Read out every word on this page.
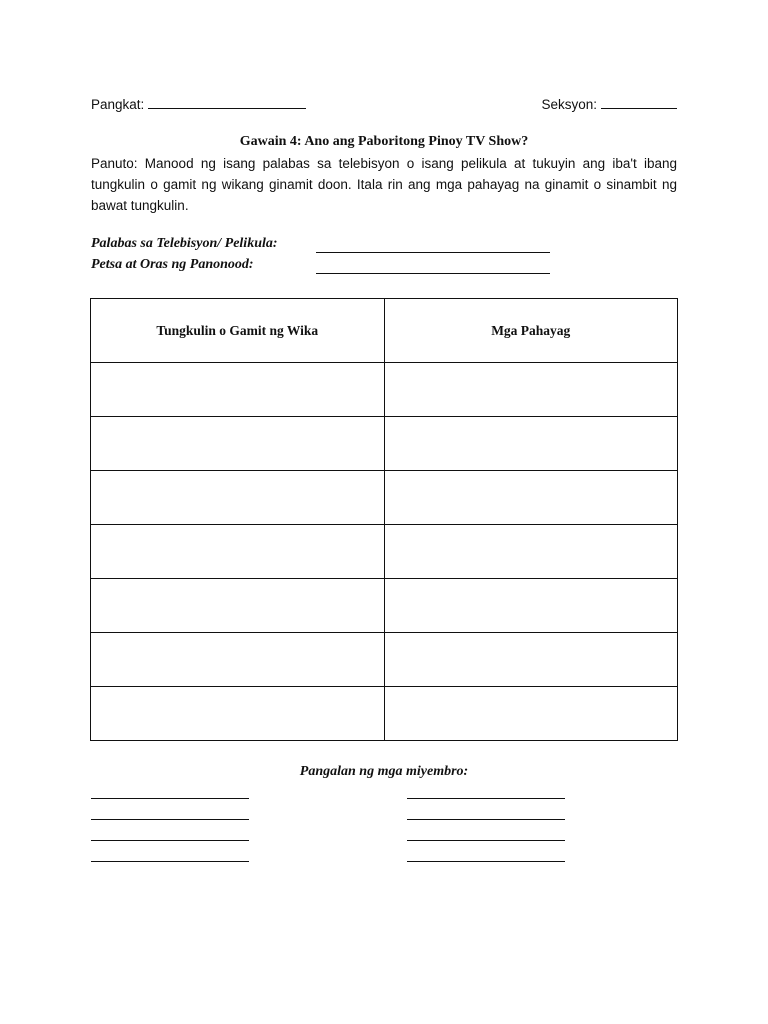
Pangkat:	Seksyon:
Gawain 4: Ano ang Paboritong Pinoy TV Show?
Panuto: Manood ng isang palabas sa telebisyon o isang pelikula at tukuyin ang iba't ibang tungkulin o gamit ng wikang ginamit doon. Itala rin ang mga pahayag na ginamit o sinambit ng bawat tungkulin.
Palabas sa Telebisyon/ Pelikula:
Petsa at Oras ng Panonood:
Tungkulin o Gamit ng Wika	Mga Pahayag

Pangalan ng mga miyembro:
